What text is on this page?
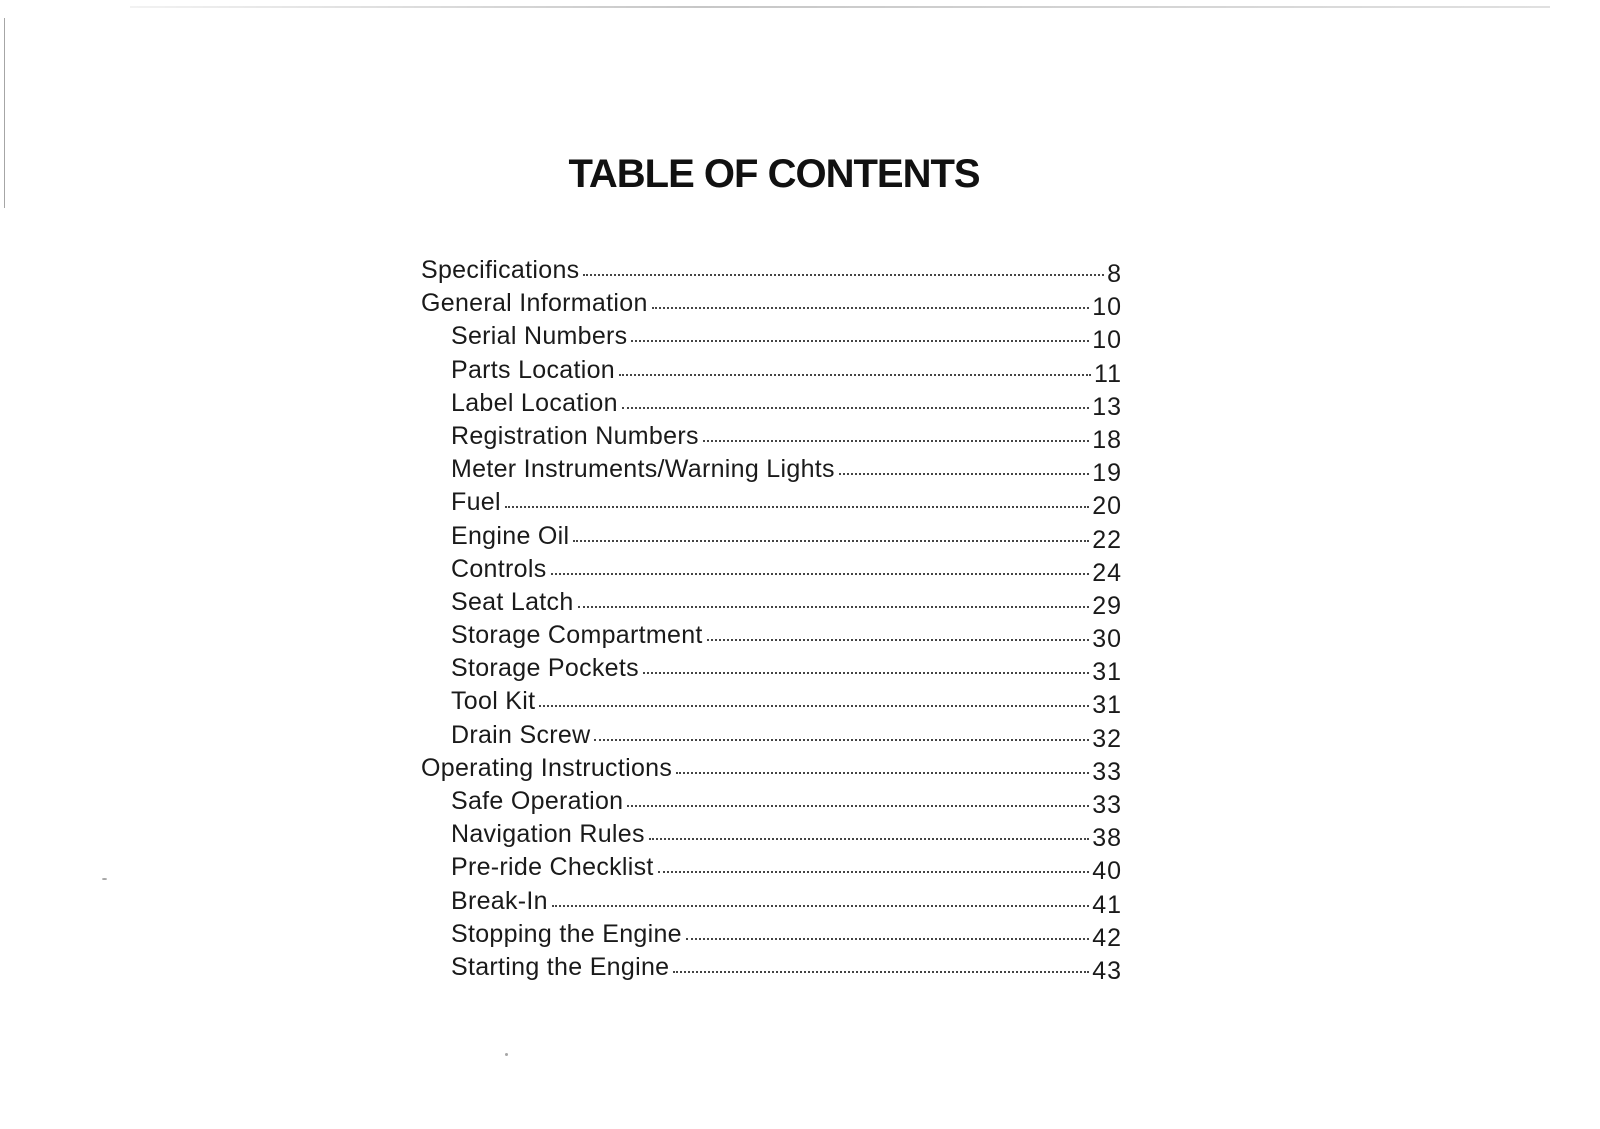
TABLE OF CONTENTS
Specifications	8
General Information	10
Serial Numbers	10
Parts Location	11
Label Location	13
Registration Numbers	18
Meter Instruments/Warning Lights	19
Fuel	20
Engine Oil	22
Controls	24
Seat Latch	29
Storage Compartment	30
Storage Pockets	31
Tool Kit	31
Drain Screw	32
Operating Instructions	33
Safe Operation	33
Navigation Rules	38
Pre-ride Checklist	40
Break-In	41
Stopping the Engine	42
Starting the Engine	43
